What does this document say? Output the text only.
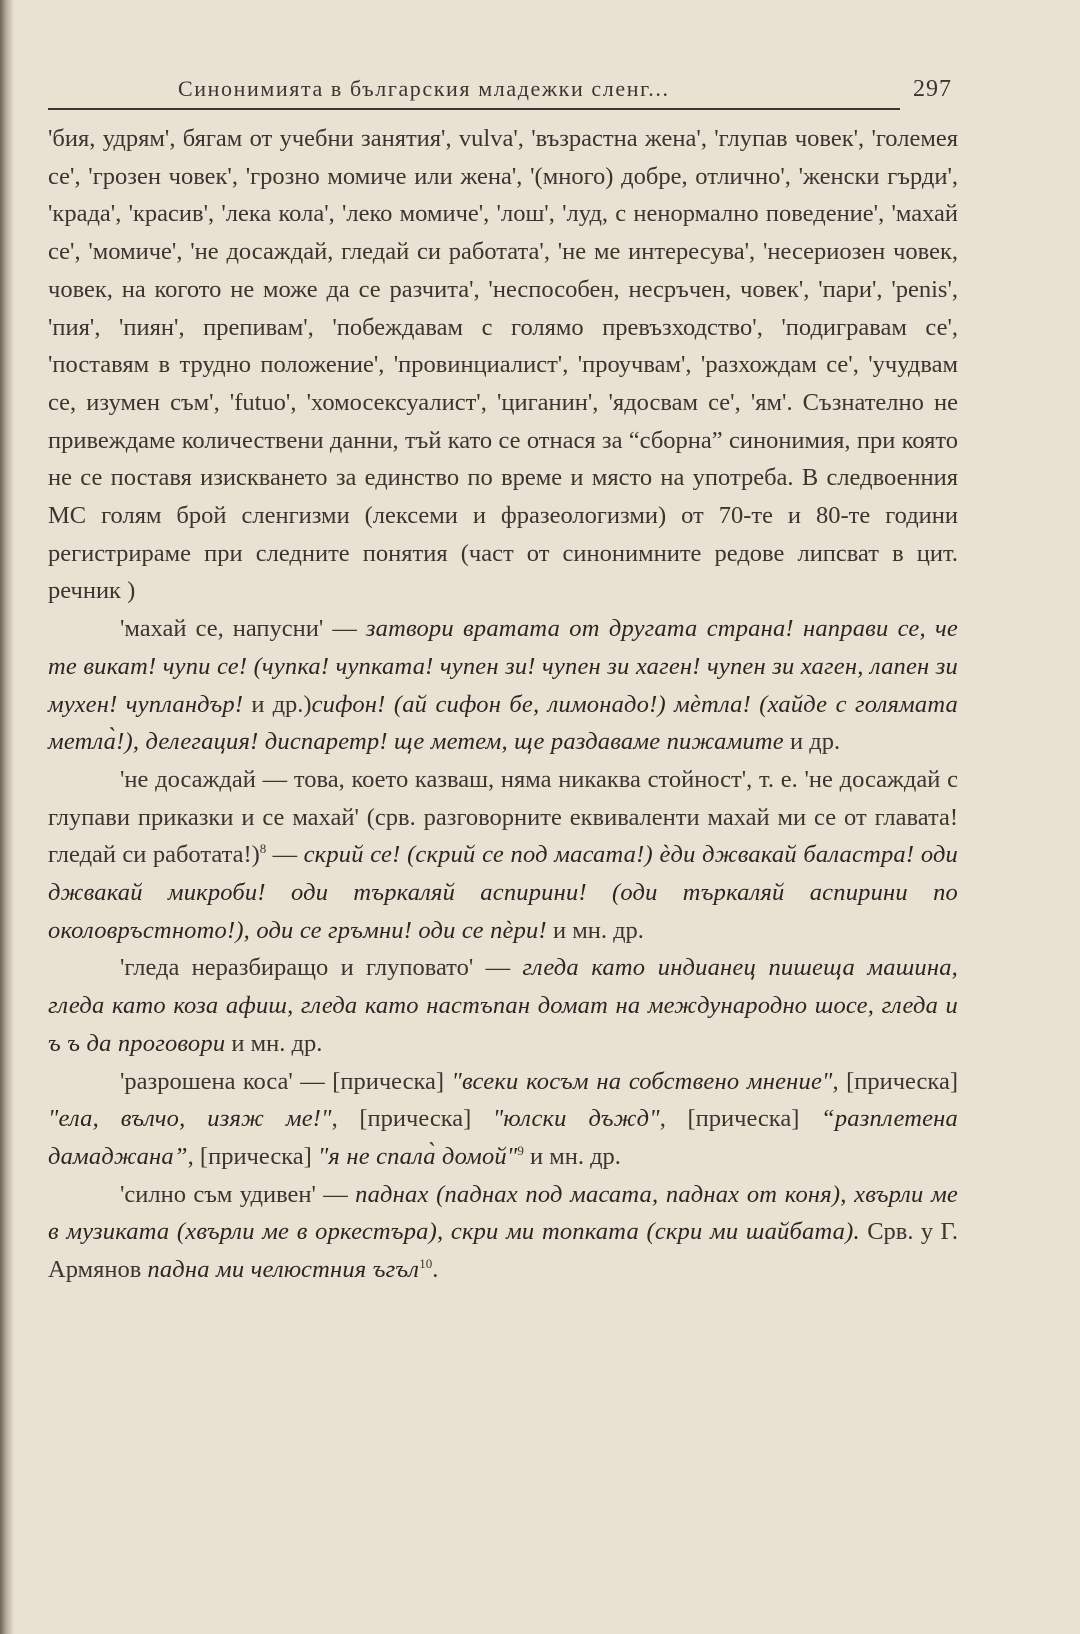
Синонимията в българския младежки сленг...	297

'бия, удрям', бягам от учебни занятия', vulva', 'възрастна жена', 'глупав човек', 'големея се', 'грозен човек', 'грозно момиче или жена', '(много) добре, отлично', 'женски гърди', 'крада', 'красив', 'лека кола', 'леко момиче', 'лош', 'луд, с ненормално поведение', 'махай се', 'момиче', 'не досаждай, гледай си работата', 'не ме интересува', 'несериозен човек, човек, на когото не може да се разчита', 'неспособен, несръчен, човек', 'пари', 'penis', 'пия', 'пиян', препивам', 'побеждавам с голямо превъзходство', 'подигравам се', 'поставям в трудно положение', 'провинциалист', 'проучвам', 'разхождам се', 'учудвам се, изумен съм', 'futuo', 'хомосексуалист', 'циганин', 'ядосвам се', 'ям'. Съзнателно не привеждаме количествени данни, тъй като се отнася за “сборна” синонимия, при която не се поставя изискването за единство по време и място на употреба. В следвоенния МС голям брой сленгизми (лексеми и фразеологизми) от 70-те и 80-те години регистрираме при следните понятия (част от синонимните редове липсват в цит. речник )

'махай се, напусни' — затвори вратата от другата страна! направи се, че те викат! чупи се! (чупка! чупката! чупен зи! чупен зи хаген! чупен зи хаген, лапен зи мухен! чупландър! и др.)сифон! (ай сифон бе, лимонадо!) мѐтла! (хайде с голямата метла̀!), делегация! диспаретр! ще метем, ще раздаваме пижамите и др.

'не досаждай — това, което казваш, няма никаква стойност', т. е. 'не досаждай с глупави приказки и се махай' (срв. разговорните еквиваленти махай ми се от главата! гледай си работата!)$^8$ — скрий се! (скрий се под масата!) ѐди джвакай баластра! оди джвакай микроби! оди търкаляй аспирини! (оди търкаляй аспирини по околовръстното!), оди се гръмни! оди се пѐри! и мн. др.

'гледа неразбиращо и глуповато' — гледа като индианец пишеща машина, гледа като коза афиш, гледа като настъпан домат на международно шосе, гледа и ъ ъ да проговори и мн. др.

'разрошена коса' — [прическа] "всеки косъм на собствено мнение", [прическа] "ела, вълчо, изяж ме!", [прическа] "юлски дъжд", [прическа] “разплетена дамаджана”, [прическа] "я не спала̀ домой"$^9$ и мн. др.

'силно съм удивен' — паднах (паднах под масата, паднах от коня), хвърли ме в музиката (хвърли ме в оркестъра), скри ми топката (скри ми шайбата). Срв. у Г. Армянов падна ми челюстния ъгъл$^{10}$.
